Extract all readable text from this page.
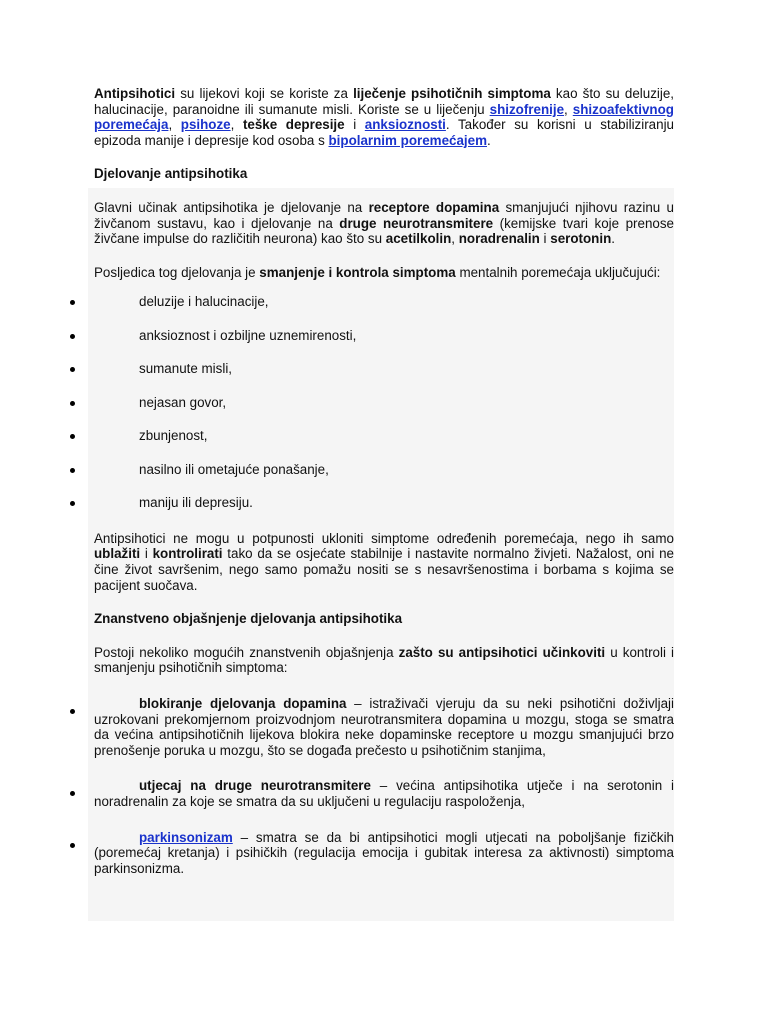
Antipsihotici su lijekovi koji se koriste za liječenje psihotičnih simptoma kao što su deluzije, halucinacije, paranoidne ili sumanute misli. Koriste se u liječenju shizofrenije, shizoafektivnog poremećaja, psihoze, teške depresije i anksioznosti. Također su korisni u stabiliziranju epizoda manije i depresije kod osoba s bipolarnim poremećajem.

Djelovanje antipsihotika

Glavni učinak antipsihotika je djelovanje na receptore dopamina smanjujući njihovu razinu u živčanom sustavu, kao i djelovanje na druge neurotransmitere (kemijske tvari koje prenose živčane impulse do različitih neurona) kao što su acetilkolin, noradrenalin i serotonin.

Posljedica tog djelovanja je smanjenje i kontrola simptoma mentalnih poremećaja uključujući:

deluzije i halucinacije,
anksioznost i ozbiljne uznemirenosti,
sumanute misli,
nejasan govor,
zbunjenost,
nasilno ili ometajuće ponašanje,
maniju ili depresiju.

Antipsihotici ne mogu u potpunosti ukloniti simptome određenih poremećaja, nego ih samo ublažiti i kontrolirati tako da se osjećate stabilnije i nastavite normalno živjeti. Nažalost, oni ne čine život savršenim, nego samo pomažu nositi se s nesavršenostima i borbama s kojima se pacijent suočava.

Znanstveno objašnjenje djelovanja antipsihotika

Postoji nekoliko mogućih znanstvenih objašnjenja zašto su antipsihotici učinkoviti u kontroli i smanjenju psihotičnih simptoma:

blokiranje djelovanja dopamina – istraživači vjeruju da su neki psihotični doživljaji uzrokovani prekomjernom proizvodnjom neurotransmitera dopamina u mozgu, stoga se smatra da većina antipsihotičnih lijekova blokira neke dopaminske receptore u mozgu smanjujući brzo prenošenje poruka u mozgu, što se događa prečesto u psihotičnim stanjima,

utjecaj na druge neurotransmitere – većina antipsihotika utječe i na serotonin i noradrenalin za koje se smatra da su uključeni u regulaciju raspoloženja,

parkinsonizam – smatra se da bi antipsihotici mogli utjecati na poboljšanje fizičkih (poremećaj kretanja) i psihičkih (regulacija emocija i gubitak interesa za aktivnosti) simptoma parkinsonizma.
